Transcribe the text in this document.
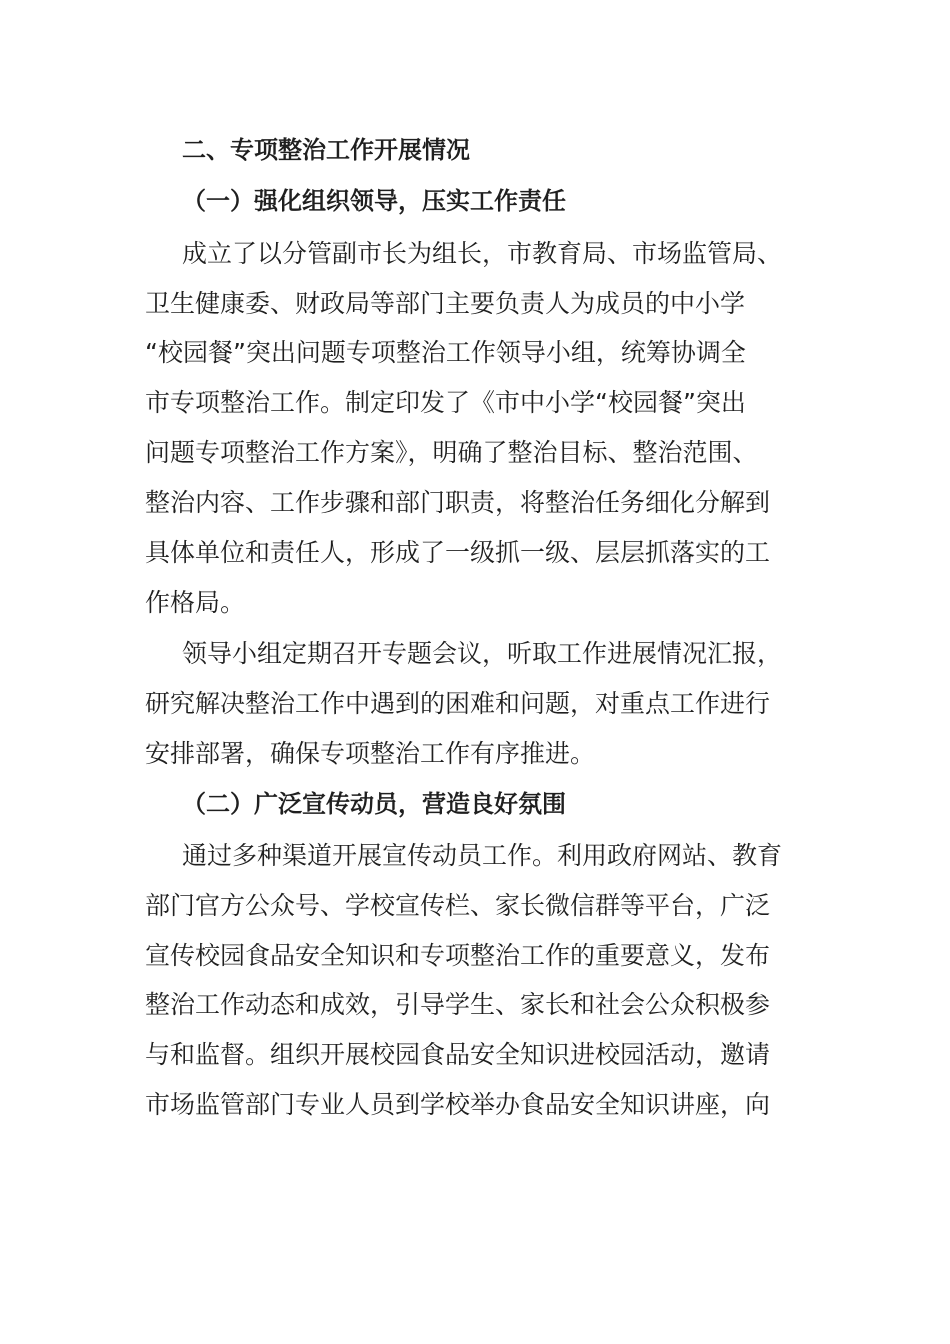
二、专项整治工作开展情况
（一）强化组织领导，压实工作责任
成立了以分管副市长为组长，市教育局、市场监管局、
卫生健康委、财政局等部门主要负责人为成员的中小学
“校园餐”突出问题专项整治工作领导小组，统筹协调全
市专项整治工作。制定印发了《市中小学“校园餐”突出
问题专项整治工作方案》，明确了整治目标、整治范围、
整治内容、工作步骤和部门职责，将整治任务细化分解到
具体单位和责任人，形成了一级抓一级、层层抓落实的工
作格局。
领导小组定期召开专题会议，听取工作进展情况汇报，
研究解决整治工作中遇到的困难和问题，对重点工作进行
安排部署，确保专项整治工作有序推进。
（二）广泛宣传动员，营造良好氛围
通过多种渠道开展宣传动员工作。利用政府网站、教育
部门官方公众号、学校宣传栏、家长微信群等平台，广泛
宣传校园食品安全知识和专项整治工作的重要意义，发布
整治工作动态和成效，引导学生、家长和社会公众积极参
与和监督。组织开展校园食品安全知识进校园活动，邀请
市场监管部门专业人员到学校举办食品安全知识讲座，向
